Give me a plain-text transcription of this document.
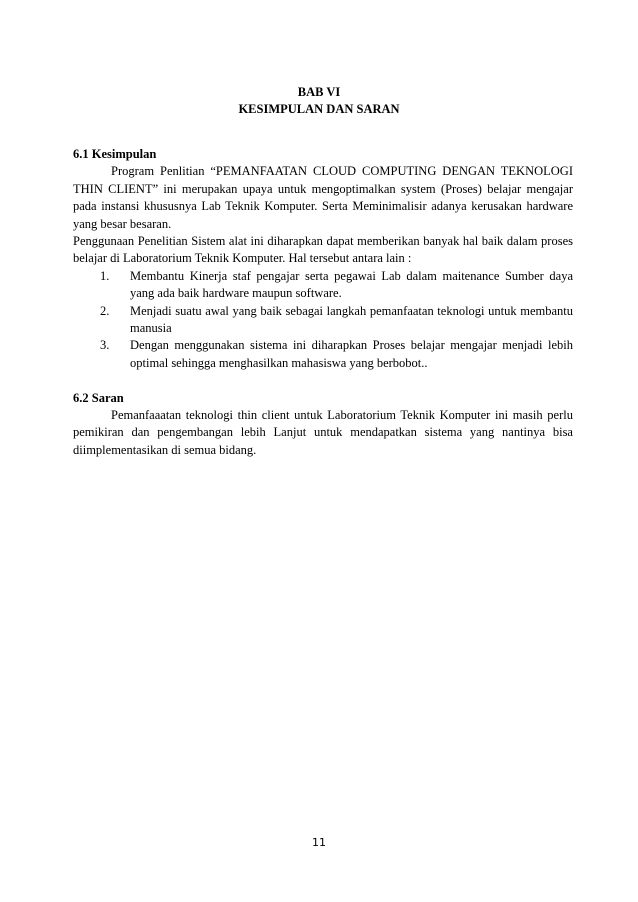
BAB VI
KESIMPULAN DAN SARAN

6.1 Kesimpulan

Program Penlitian “PEMANFAATAN CLOUD COMPUTING DENGAN TEKNOLOGI THIN CLIENT” ini merupakan upaya untuk mengoptimalkan system (Proses) belajar mengajar pada instansi khususnya Lab Teknik Komputer. Serta Meminimalisir adanya kerusakan hardware yang besar besaran.

Penggunaan Penelitian Sistem alat ini diharapkan dapat memberikan banyak hal baik dalam proses belajar di Laboratorium Teknik Komputer. Hal tersebut antara lain :

1. Membantu Kinerja staf pengajar serta pegawai Lab dalam maitenance Sumber daya yang ada baik hardware maupun software.
2. Menjadi suatu awal yang baik sebagai langkah pemanfaatan teknologi untuk membantu manusia
3. Dengan menggunakan sistema ini diharapkan Proses belajar mengajar menjadi lebih optimal sehingga menghasilkan mahasiswa yang berbobot..

6.2 Saran

Pemanfaaatan teknologi thin client untuk Laboratorium Teknik Komputer ini masih perlu pemikiran dan pengembangan lebih Lanjut untuk mendapatkan sistema yang nantinya bisa diimplementasikan di semua bidang.

11
